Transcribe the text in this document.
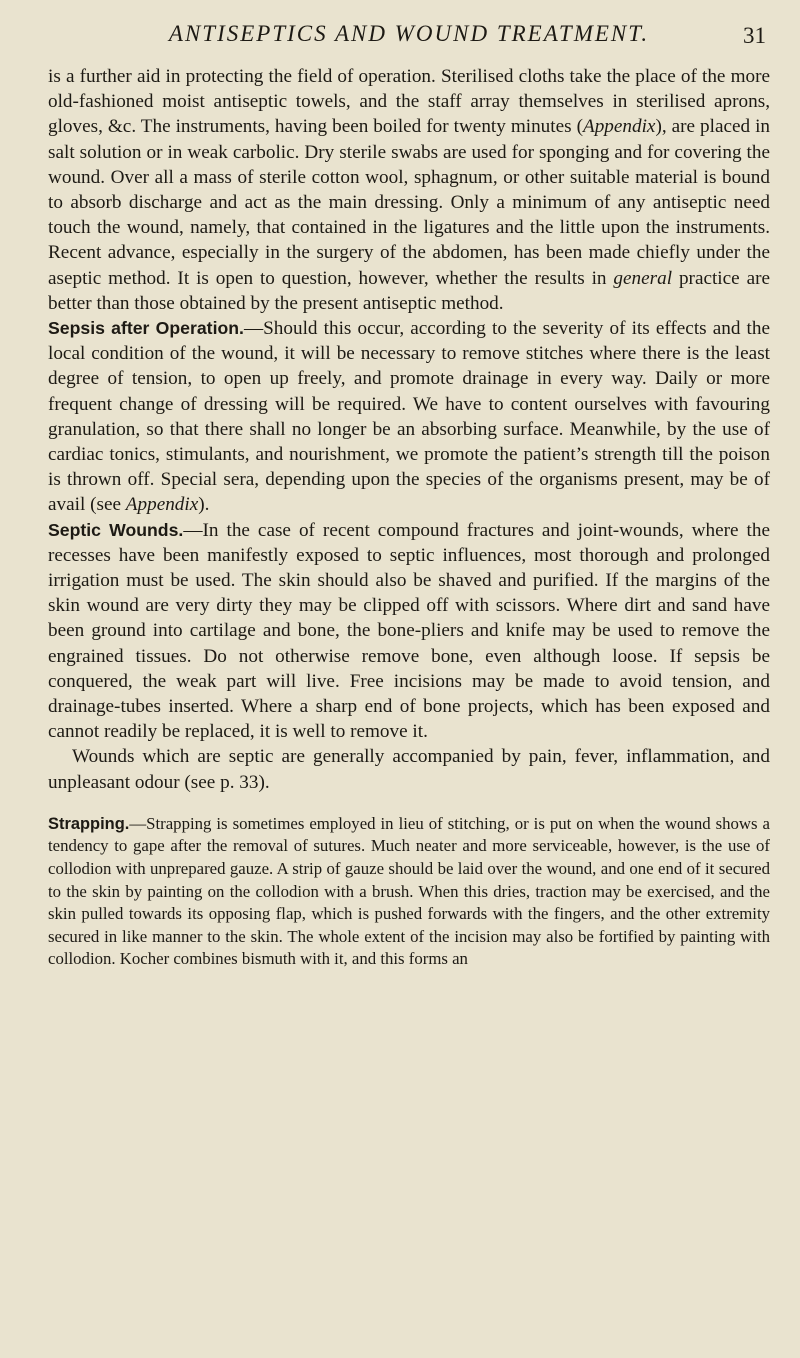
ANTISEPTICS AND WOUND TREATMENT.	31

is a further aid in protecting the field of operation. Sterilised cloths take the place of the more old-fashioned moist antiseptic towels, and the staff array themselves in sterilised aprons, gloves, &c. The instruments, having been boiled for twenty minutes (Appendix), are placed in salt solution or in weak carbolic. Dry sterile swabs are used for sponging and for covering the wound. Over all a mass of sterile cotton wool, sphagnum, or other suitable material is bound to absorb discharge and act as the main dressing. Only a minimum of any antiseptic need touch the wound, namely, that contained in the ligatures and the little upon the instruments. Recent advance, especially in the surgery of the abdomen, has been made chiefly under the aseptic method. It is open to question, however, whether the results in general practice are better than those obtained by the present antiseptic method.

Sepsis after Operation.—Should this occur, according to the severity of its effects and the local condition of the wound, it will be necessary to remove stitches where there is the least degree of tension, to open up freely, and promote drainage in every way. Daily or more frequent change of dressing will be required. We have to content ourselves with favouring granulation, so that there shall no longer be an absorbing surface. Meanwhile, by the use of cardiac tonics, stimulants, and nourishment, we promote the patient’s strength till the poison is thrown off. Special sera, depending upon the species of the organisms present, may be of avail (see Appendix).

Septic Wounds.—In the case of recent compound fractures and joint-wounds, where the recesses have been manifestly exposed to septic influences, most thorough and prolonged irrigation must be used. The skin should also be shaved and purified. If the margins of the skin wound are very dirty they may be clipped off with scissors. Where dirt and sand have been ground into cartilage and bone, the bone-pliers and knife may be used to remove the engrained tissues. Do not otherwise remove bone, even although loose. If sepsis be conquered, the weak part will live. Free incisions may be made to avoid tension, and drainage-tubes inserted. Where a sharp end of bone projects, which has been exposed and cannot readily be replaced, it is well to remove it.

Wounds which are septic are generally accompanied by pain, fever, inflammation, and unpleasant odour (see p. 33).

Strapping.—Strapping is sometimes employed in lieu of stitching, or is put on when the wound shows a tendency to gape after the removal of sutures. Much neater and more serviceable, however, is the use of collodion with unprepared gauze. A strip of gauze should be laid over the wound, and one end of it secured to the skin by painting on the collodion with a brush. When this dries, traction may be exercised, and the skin pulled towards its opposing flap, which is pushed forwards with the fingers, and the other extremity secured in like manner to the skin. The whole extent of the incision may also be fortified by painting with collodion. Kocher combines bismuth with it, and this forms an
